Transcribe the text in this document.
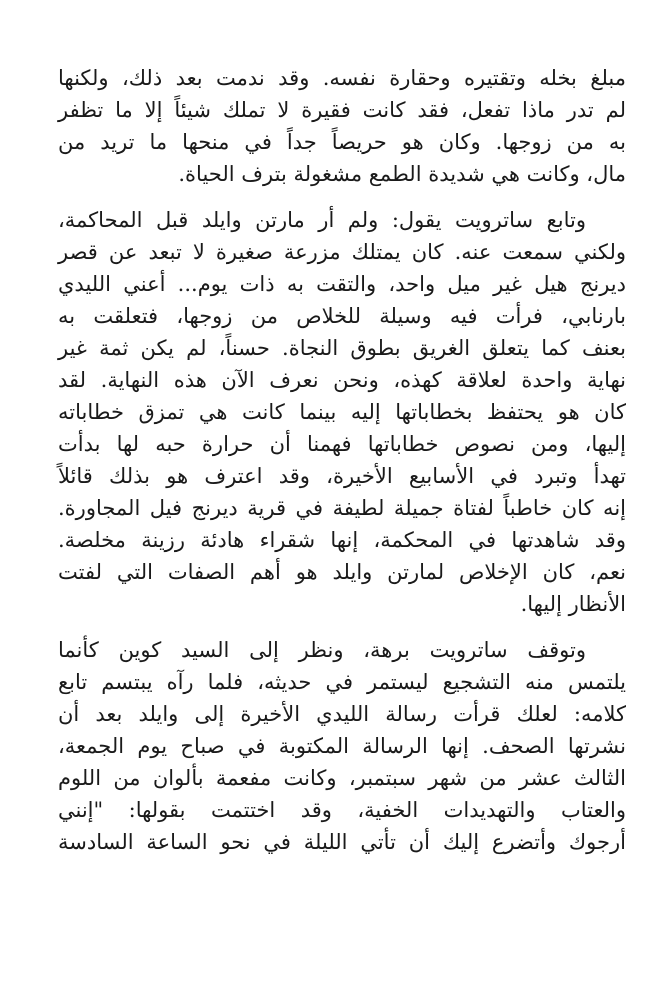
مبلغ بخله وتقتيره وحقارة نفسه. وقد ندمت بعد ذلك، ولكنها
لم تدر ماذا تفعل، فقد كانت فقيرة لا تملك شيئاً إلا ما تظفر
به من زوجها. وكان هو حريصاً جداً في منحها ما تريد من
مال، وكانت هي شديدة الطمع مشغولة بترف الحياة.

وتابع ساترويت يقول: ولم أر مارتن وايلد قبل المحاكمة،
ولكني سمعت عنه. كان يمتلك مزرعة صغيرة لا تبعد عن قصر
ديرنج هيل غير ميل واحد، والتقت به ذات يوم... أعني الليدي
بارنابي، فرأت فيه وسيلة للخلاص من زوجها، فتعلقت به
بعنف كما يتعلق الغريق بطوق النجاة. حسناً، لم يكن ثمة غير
نهاية واحدة لعلاقة كهذه، ونحن نعرف الآن هذه النهاية. لقد
كان هو يحتفظ بخطاباتها إليه بينما كانت هي تمزق خطاباته
إليها، ومن نصوص خطاباتها فهمنا أن حرارة حبه لها بدأت
تهدأ وتبرد في الأسابيع الأخيرة، وقد اعترف هو بذلك قائلاً
إنه كان خاطباً لفتاة جميلة لطيفة في قرية ديرنج فيل المجاورة.
وقد شاهدتها في المحكمة، إنها شقراء هادئة رزينة مخلصة.
نعم، كان الإخلاص لمارتن وايلد هو أهم الصفات التي لفتت
الأنظار إليها.

وتوقف ساترويت برهة، ونظر إلى السيد كوين كأنما
يلتمس منه التشجيع ليستمر في حديثه، فلما رآه يبتسم تابع
كلامه: لعلك قرأت رسالة الليدي الأخيرة إلى وايلد بعد أن
نشرتها الصحف. إنها الرسالة المكتوبة في صباح يوم الجمعة،
الثالث عشر من شهر سبتمبر، وكانت مفعمة بألوان من اللوم
والعتاب والتهديدات الخفية، وقد اختتمت بقولها: "إنني
أرجوك وأتضرع إليك أن تأتي الليلة في نحو الساعة السادسة
